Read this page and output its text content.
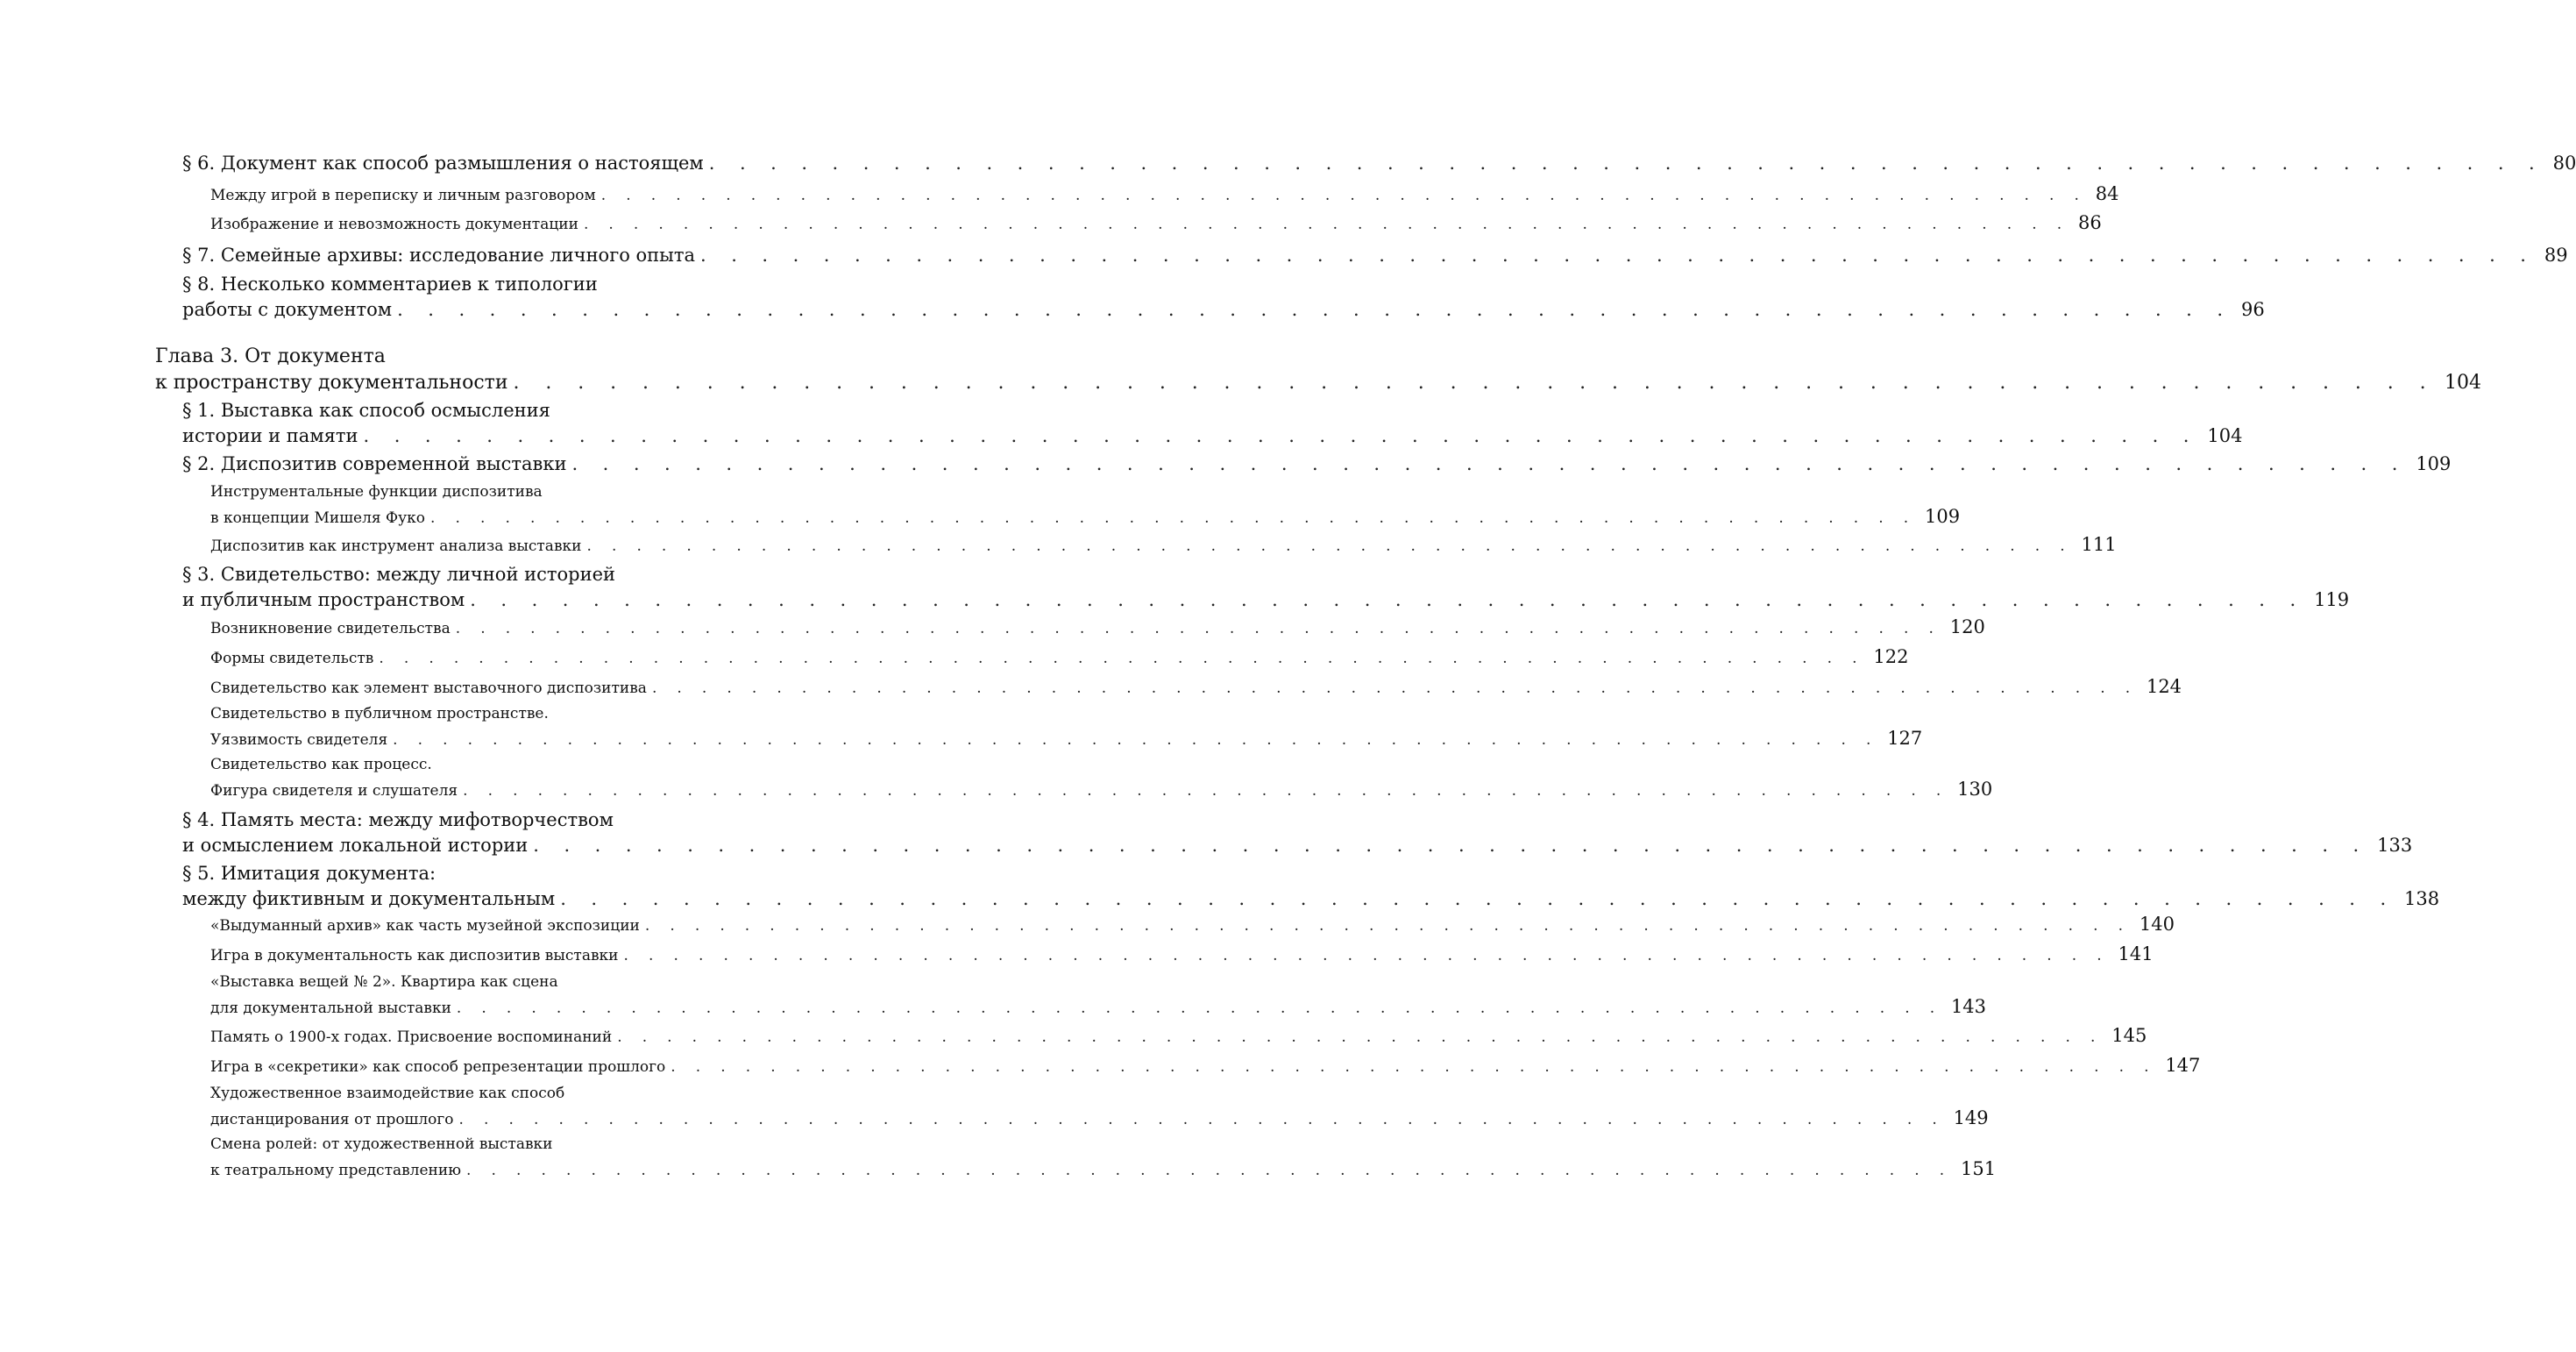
§ 6. Документ как способ размышления о настоящем . . . . . . . . . . . . . . . . . . . . . . . . . . . . . . . . . . . . . . . . . . . . . . . . . . . . . . . . . . . . 80
Между игрой в переписку и личным разговором . . . . . . . . . . . . . . . . . . . . . . . . . . . . . . . . . . . . . . . . . . . . . . . . . . . . . . . . . . . . 84
Изображение и невозможность документации . . . . . . . . . . . . . . . . . . . . . . . . . . . . . . . . . . . . . . . . . . . . . . . . . . . . . . . . . . . . 86
§ 7. Семейные архивы: исследование личного опыта . . . . . . . . . . . . . . . . . . . . . . . . . . . . . . . . . . . . . . . . . . . . . . . . . . . . . . . . . . . . 89
§ 8. Несколько комментариев к типологии
работы с документом . . . . . . . . . . . . . . . . . . . . . . . . . . . . . . . . . . . . . . . . . . . . . . . . . . . . . . . . . . . . 96
Глава 3. От документа
к пространству документальности . . . . . . . . . . . . . . . . . . . . . . . . . . . . . . . . . . . . . . . . . . . . . . . . . . . . . . . . . . . . 104
§ 1. Выставка как способ осмысления
истории и памяти . . . . . . . . . . . . . . . . . . . . . . . . . . . . . . . . . . . . . . . . . . . . . . . . . . . . . . . . . . . . 104
§ 2. Диспозитив современной выставки . . . . . . . . . . . . . . . . . . . . . . . . . . . . . . . . . . . . . . . . . . . . . . . . . . . . . . . . . . . . 109
Инструментальные функции диспозитива
в концепции Мишеля Фуко . . . . . . . . . . . . . . . . . . . . . . . . . . . . . . . . . . . . . . . . . . . . . . . . . . . . . . . . . . . . 109
Диспозитив как инструмент анализа выставки . . . . . . . . . . . . . . . . . . . . . . . . . . . . . . . . . . . . . . . . . . . . . . . . . . . . . . . . . . . . 111
§ 3. Свидетельство: между личной историей
и публичным пространством . . . . . . . . . . . . . . . . . . . . . . . . . . . . . . . . . . . . . . . . . . . . . . . . . . . . . . . . . . . . 119
Возникновение свидетельства . . . . . . . . . . . . . . . . . . . . . . . . . . . . . . . . . . . . . . . . . . . . . . . . . . . . . . . . . . . . 120
Формы свидетельств . . . . . . . . . . . . . . . . . . . . . . . . . . . . . . . . . . . . . . . . . . . . . . . . . . . . . . . . . . . . 122
Свидетельство как элемент выставочного диспозитива . . . . . . . . . . . . . . . . . . . . . . . . . . . . . . . . . . . . . . . . . . . . . . . . . . . . . . . . . . . . 124
Свидетельство в публичном пространстве.
Уязвимость свидетеля . . . . . . . . . . . . . . . . . . . . . . . . . . . . . . . . . . . . . . . . . . . . . . . . . . . . . . . . . . . . 127
Свидетельство как процесс.
Фигура свидетеля и слушателя . . . . . . . . . . . . . . . . . . . . . . . . . . . . . . . . . . . . . . . . . . . . . . . . . . . . . . . . . . . . 130
§ 4. Память места: между мифотворчеством
и осмыслением локальной истории . . . . . . . . . . . . . . . . . . . . . . . . . . . . . . . . . . . . . . . . . . . . . . . . . . . . . . . . . . . . 133
§ 5. Имитация документа:
между фиктивным и документальным . . . . . . . . . . . . . . . . . . . . . . . . . . . . . . . . . . . . . . . . . . . . . . . . . . . . . . . . . . . . 138
«Выдуманный архив» как часть музейной экспозиции . . . . . . . . . . . . . . . . . . . . . . . . . . . . . . . . . . . . . . . . . . . . . . . . . . . . . . . . . . . . 140
Игра в документальность как диспозитив выставки . . . . . . . . . . . . . . . . . . . . . . . . . . . . . . . . . . . . . . . . . . . . . . . . . . . . . . . . . . . . 141
«Выставка вещей № 2». Квартира как сцена
для документальной выставки . . . . . . . . . . . . . . . . . . . . . . . . . . . . . . . . . . . . . . . . . . . . . . . . . . . . . . . . . . . . 143
Память о 1900-х годах. Присвоение воспоминаний . . . . . . . . . . . . . . . . . . . . . . . . . . . . . . . . . . . . . . . . . . . . . . . . . . . . . . . . . . . . 145
Игра в «секретики» как способ репрезентации прошлого . . . . . . . . . . . . . . . . . . . . . . . . . . . . . . . . . . . . . . . . . . . . . . . . . . . . . . . . . . . . 147
Художественное взаимодействие как способ
дистанцирования от прошлого . . . . . . . . . . . . . . . . . . . . . . . . . . . . . . . . . . . . . . . . . . . . . . . . . . . . . . . . . . . . 149
Смена ролей: от художественной выставки
к театральному представлению . . . . . . . . . . . . . . . . . . . . . . . . . . . . . . . . . . . . . . . . . . . . . . . . . . . . . . . . . . . . 151
